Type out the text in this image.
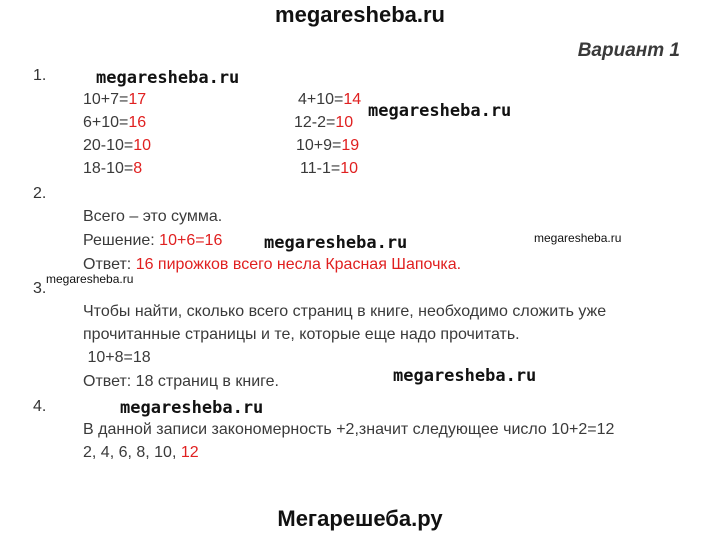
megaresheba.ru
Вариант 1
1.
10+7=17
6+10=16
20-10=10
18-10=8
4+10=14
12-2=10
10+9=19
11-1=10
2.
Всего – это сумма.
Решение: 10+6=16
Ответ: 16 пирожков всего несла Красная Шапочка.
3.
Чтобы найти, сколько всего страниц в книге, необходимо сложить уже
прочитанные страницы и те, которые еще надо прочитать.
10+8=18
Ответ: 18 страниц в книге.
4.
В данной записи закономерность +2,значит следующее число 10+2=12
2, 4, 6, 8, 10, 12
megaresheba.ru
megaresheba.ru
megaresheba.ru	megaresheba.ru
megaresheba.ru
megaresheba.ru
megaresheba.ru
Мегарешеба.ру
